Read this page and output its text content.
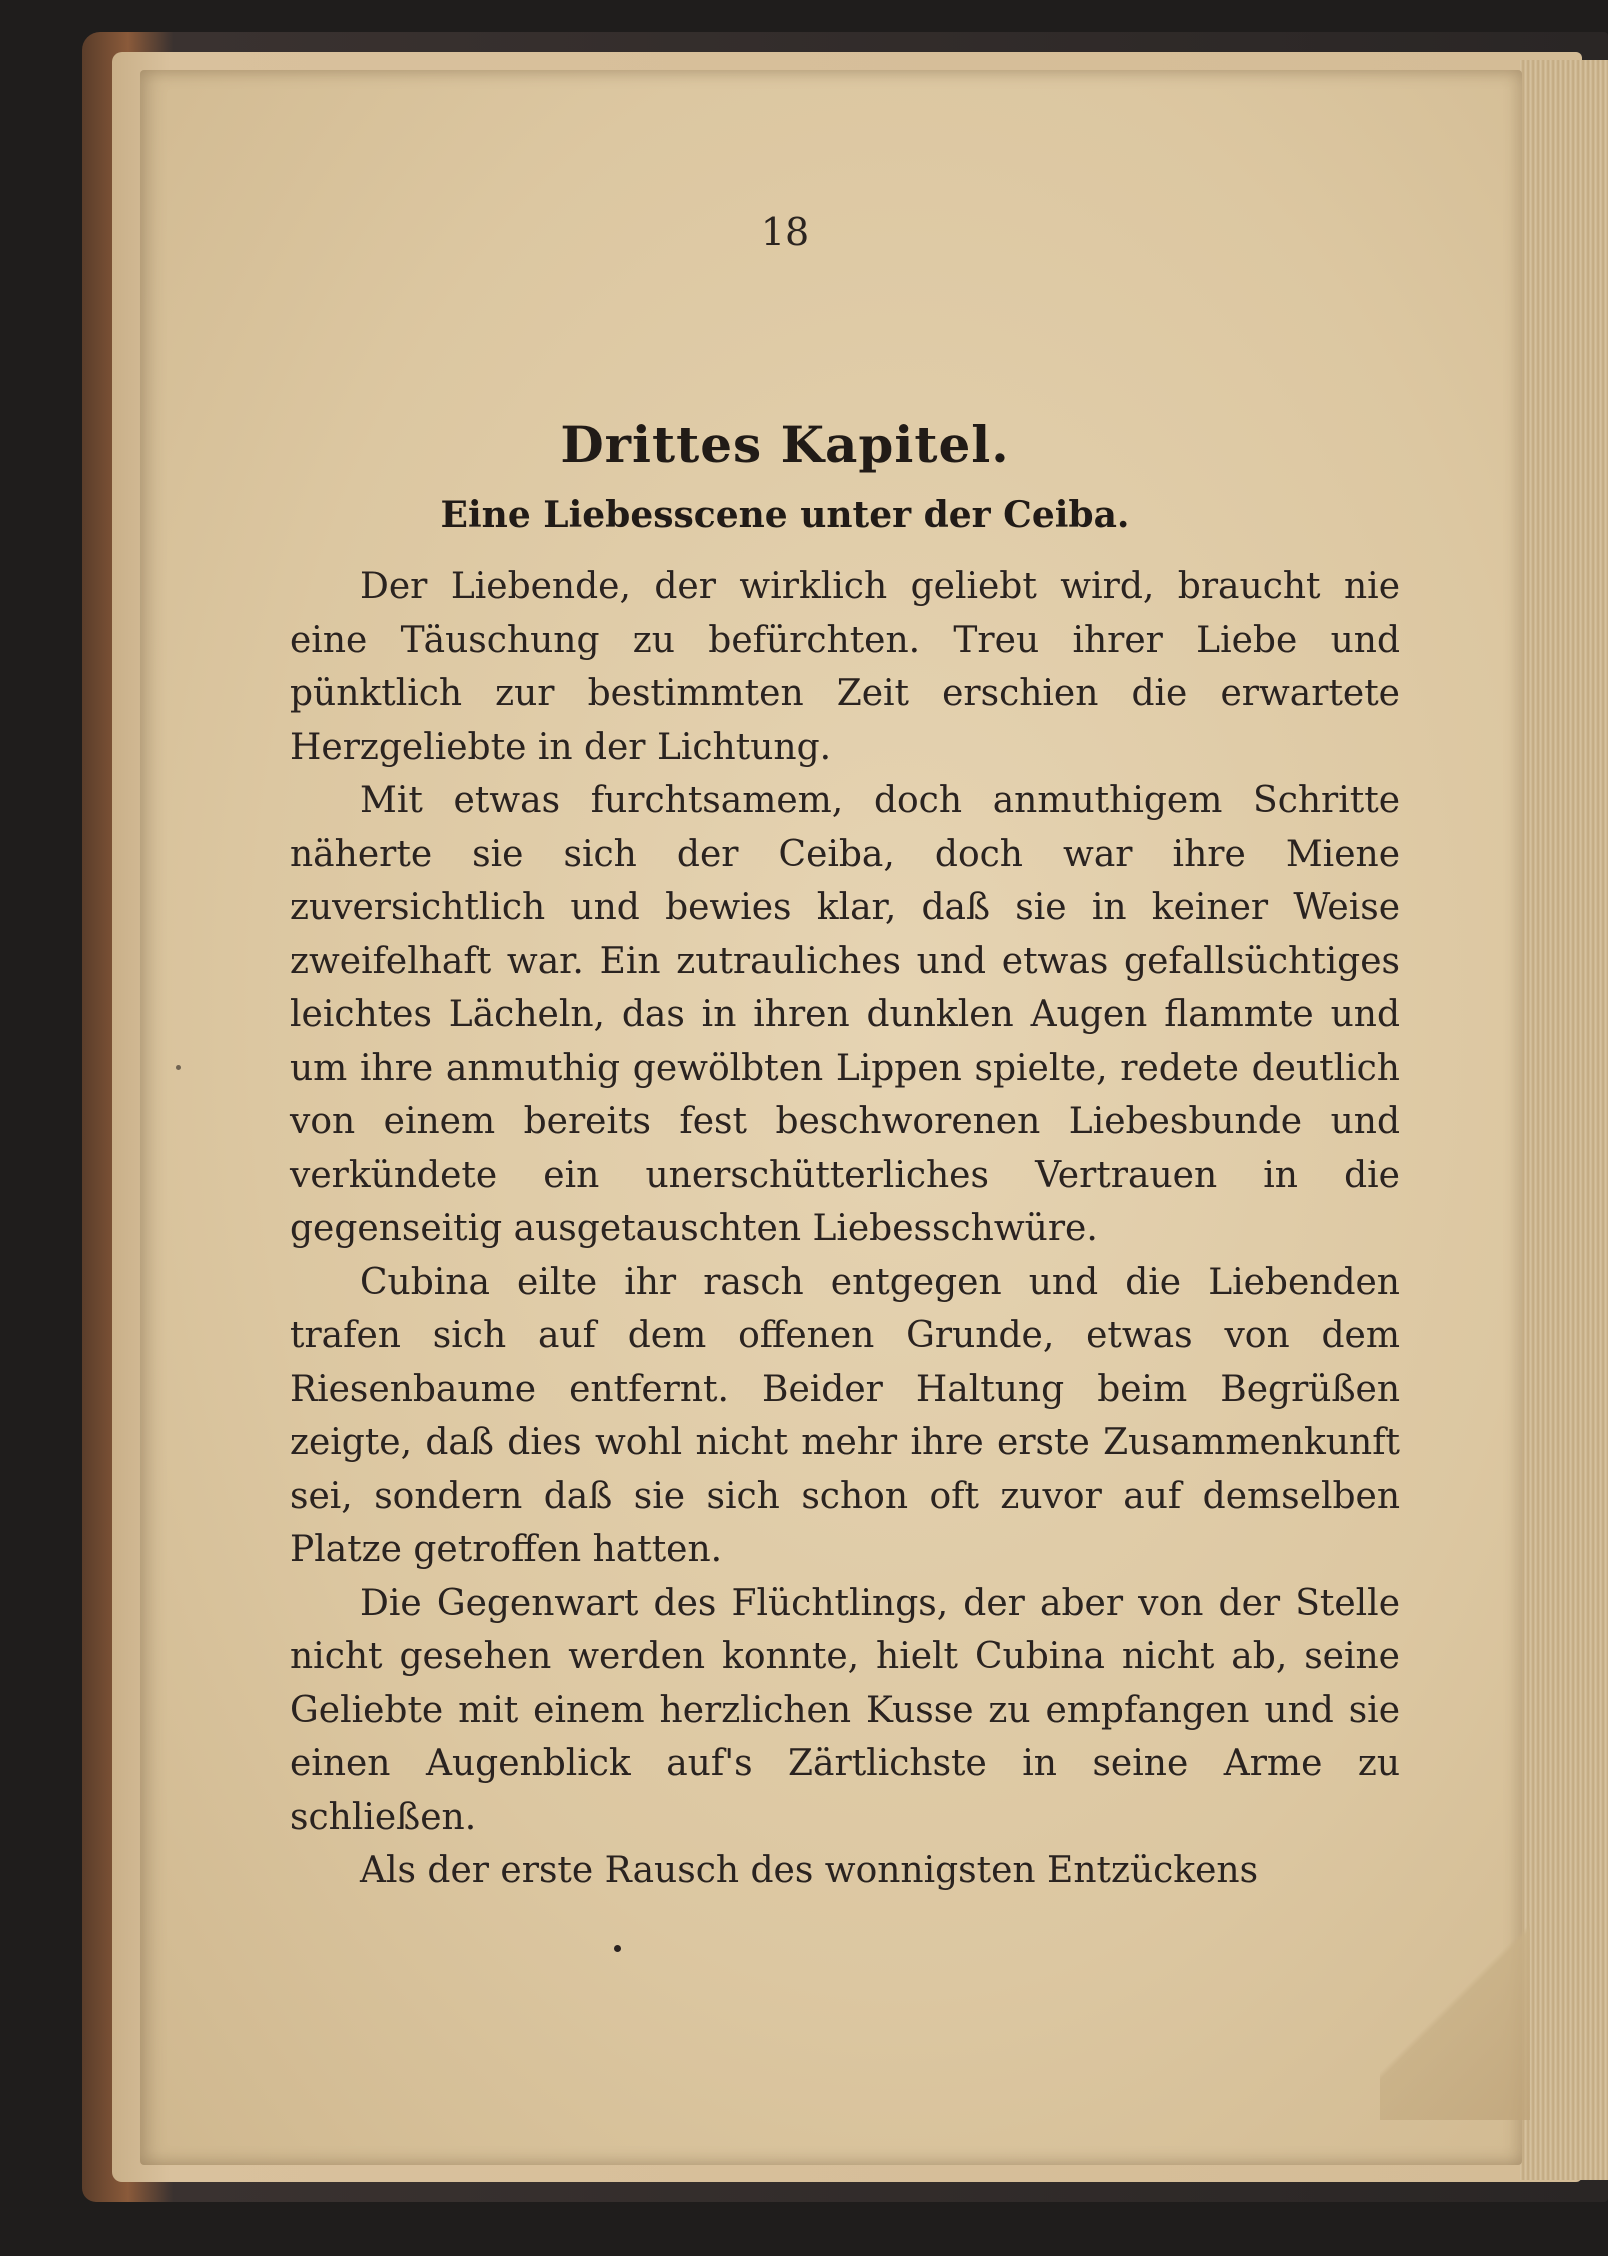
18
Drittes Kapitel.
Eine Liebesscene unter der Ceiba.

Der Liebende, der wirklich geliebt wird, braucht nie eine Täuschung zu befürchten. Treu ihrer Liebe und pünktlich zur bestimmten Zeit erschien die erwartete Herzgeliebte in der Lichtung.

Mit etwas furchtsamem, doch anmuthigem Schritte näherte sie sich der Ceiba, doch war ihre Miene zuversichtlich und bewies klar, daß sie in keiner Weise zweifelhaft war. Ein zutrauliches und etwas gefallsüchtiges leichtes Lächeln, das in ihren dunklen Augen flammte und um ihre anmuthig gewölbten Lippen spielte, redete deutlich von einem bereits fest beschworenen Liebesbunde und verkündete ein unerschütterliches Vertrauen in die gegenseitig ausgetauschten Liebesschwüre.

Cubina eilte ihr rasch entgegen und die Liebenden trafen sich auf dem offenen Grunde, etwas von dem Riesenbaume entfernt. Beider Haltung beim Begrüßen zeigte, daß dies wohl nicht mehr ihre erste Zusammenkunft sei, sondern daß sie sich schon oft zuvor auf demselben Platze getroffen hatten.

Die Gegenwart des Flüchtlings, der aber von der Stelle nicht gesehen werden konnte, hielt Cubina nicht ab, seine Geliebte mit einem herzlichen Kusse zu empfangen und sie einen Augenblick auf's Zärtlichste in seine Arme zu schließen.

Als der erste Rausch des wonnigsten Entzückens
